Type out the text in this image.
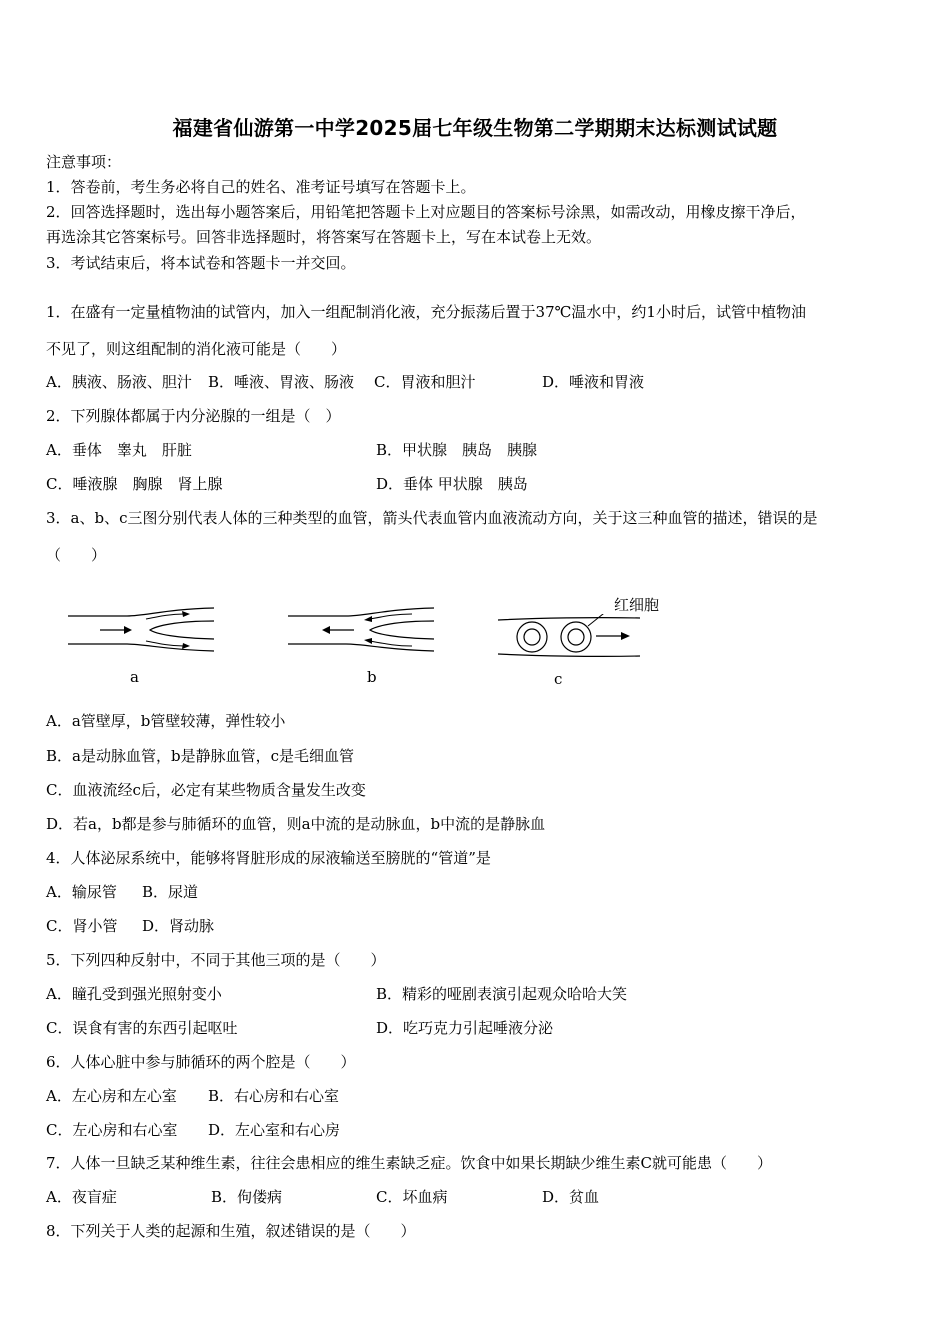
福建省仙游第一中学2025届七年级生物第二学期期末达标测试试题
注意事项：
1．答卷前，考生务必将自己的姓名、准考证号填写在答题卡上。
2．回答选择题时，选出每小题答案后，用铅笔把答题卡上对应题目的答案标号涂黑，如需改动，用橡皮擦干净后，
再选涂其它答案标号。回答非选择题时，将答案写在答题卡上，写在本试卷上无效。
3．考试结束后，将本试卷和答题卡一并交回。
1．在盛有一定量植物油的试管内，加入一组配制消化液，充分振荡后置于37℃温水中，约1小时后，试管中植物油
不见了，则这组配制的消化液可能是（　　）
A．胰液、肠液、胆汁 B．唾液、胃液、肠液 C．胃液和胆汁	D．唾液和胃液
2．下列腺体都属于内分泌腺的一组是（　）
A．垂体　睾丸　肝脏	B．甲状腺　胰岛　胰腺
C．唾液腺　胸腺　肾上腺	D．垂体 甲状腺　胰岛
3．a、b、c三图分别代表人体的三种类型的血管，箭头代表血管内血液流动方向，关于这三种血管的描述，错误的是
（　　）
a	b
红细胞
c
A．a管壁厚，b管壁较薄，弹性较小
B．a是动脉血管，b是静脉血管，c是毛细血管
C．血液流经c后，必定有某些物质含量发生改变
D．若a，b都是参与肺循环的血管，则a中流的是动脉血，b中流的是静脉血
4．人体泌尿系统中，能够将肾脏形成的尿液输送至膀胱的“管道”是
A．输尿管 B．尿道
C．肾小管 D．肾动脉
5．下列四种反射中，不同于其他三项的是（　　）
A．瞳孔受到强光照射变小	B．精彩的哑剧表演引起观众哈哈大笑
C．误食有害的东西引起呕吐	D．吃巧克力引起唾液分泌
6．人体心脏中参与肺循环的两个腔是（　　）
A．左心房和左心室 B．右心房和右心室
C．左心房和右心室 D．左心室和右心房
7．人体一旦缺乏某种维生素，往往会患相应的维生素缺乏症。饮食中如果长期缺少维生素C就可能患（　　）
A．夜盲症	B．佝偻病	C．坏血病	D．贫血
8．下列关于人类的起源和生殖，叙述错误的是（　　）
